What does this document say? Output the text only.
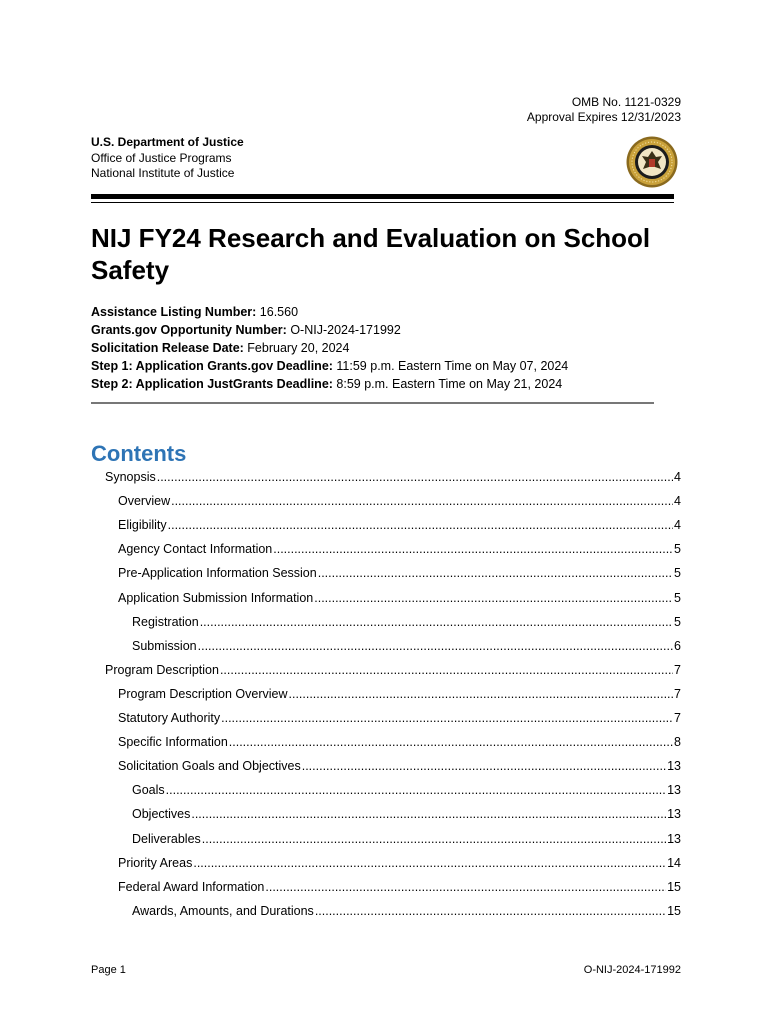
OMB No. 1121-0329
Approval Expires 12/31/2023
U.S. Department of Justice
Office of Justice Programs
National Institute of Justice
NIJ FY24 Research and Evaluation on School Safety
Assistance Listing Number: 16.560
Grants.gov Opportunity Number: O-NIJ-2024-171992
Solicitation Release Date: February 20, 2024
Step 1: Application Grants.gov Deadline: 11:59 p.m. Eastern Time on May 07, 2024
Step 2: Application JustGrants Deadline: 8:59 p.m. Eastern Time on May 21, 2024
Contents
Synopsis .....	4
Overview .....	4
Eligibility .....	4
Agency Contact Information .....	5
Pre-Application Information Session .....	5
Application Submission Information .....	5
Registration .....	5
Submission .....	6
Program Description .....	7
Program Description Overview .....	7
Statutory Authority .....	7
Specific Information .....	8
Solicitation Goals and Objectives .....	13
Goals .....	13
Objectives .....	13
Deliverables .....	13
Priority Areas .....	14
Federal Award Information .....	15
Awards, Amounts, and Durations .....	15
Page 1	O-NIJ-2024-171992
